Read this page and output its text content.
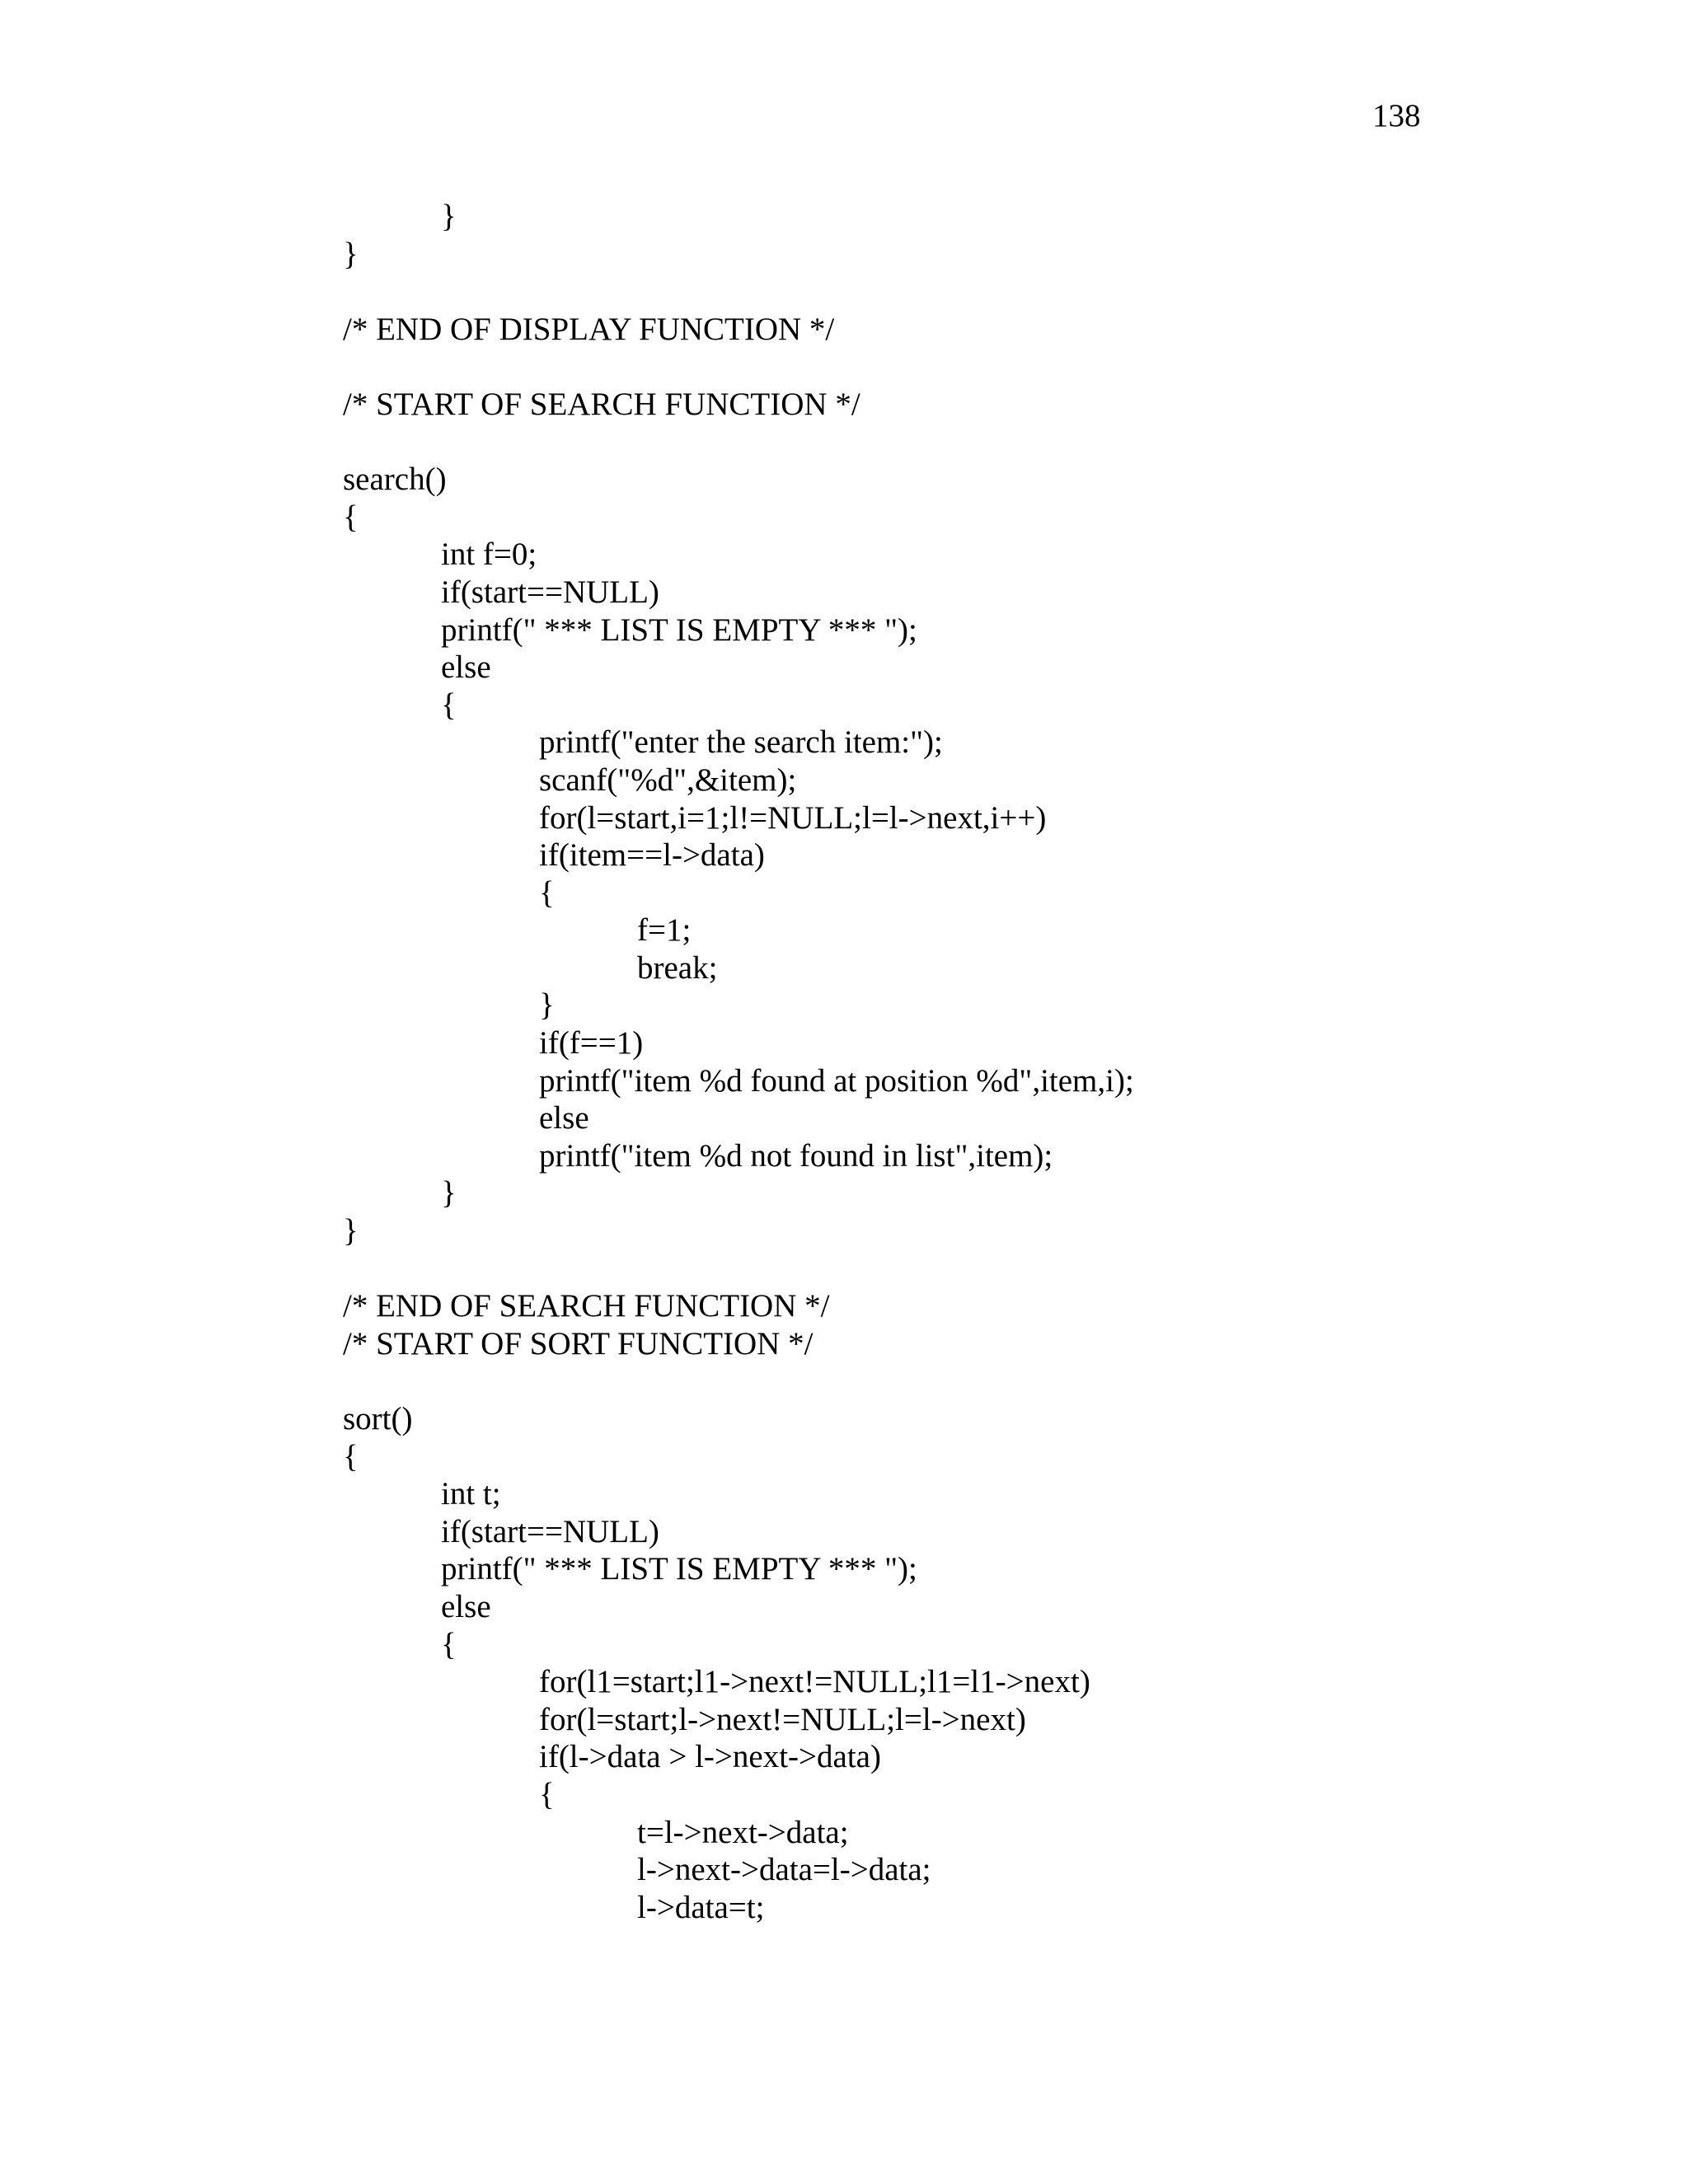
138
}
}
/* END OF DISPLAY FUNCTION */
/* START OF SEARCH FUNCTION */
search()
{
int f=0;
if(start==NULL)
printf(" *** LIST IS EMPTY *** ");
else
{
printf("enter the search item:");
scanf("%d",&item);
for(l=start,i=1;l!=NULL;l=l->next,i++)
if(item==l->data)
{
f=1;
break;
}
if(f==1)
printf("item %d found at position %d",item,i);
else
printf("item %d not found in list",item);
}
}
/* END OF SEARCH FUNCTION */
/* START OF SORT FUNCTION */
sort()
{
int t;
if(start==NULL)
printf(" *** LIST IS EMPTY *** ");
else
{
for(l1=start;l1->next!=NULL;l1=l1->next)
for(l=start;l->next!=NULL;l=l->next)
if(l->data > l->next->data)
{
t=l->next->data;
l->next->data=l->data;
l->data=t;
